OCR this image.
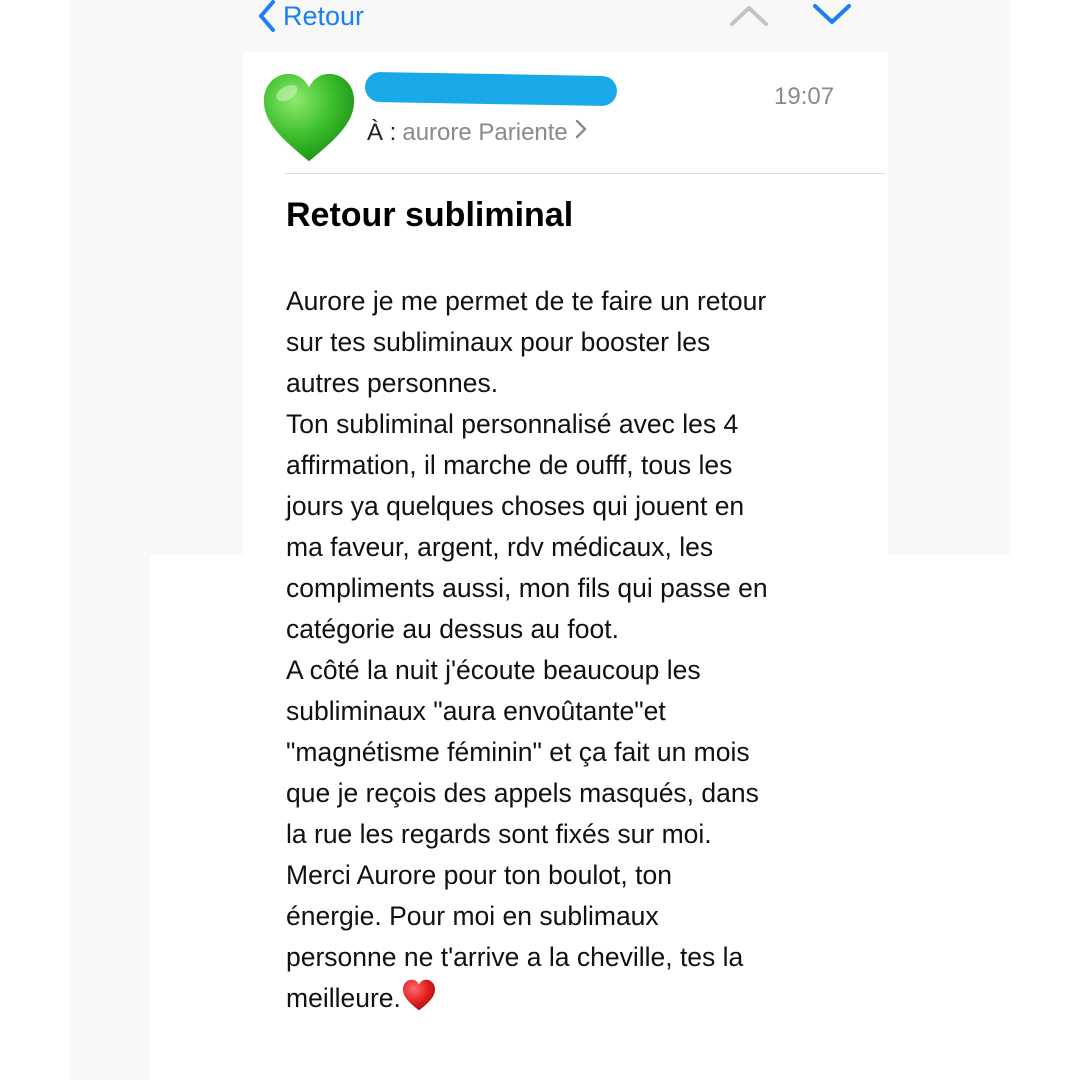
Retour
19:07
À : aurore Pariente
Retour subliminal
Aurore je me permet de te faire un retour
sur tes subliminaux pour booster les
autres personnes.
Ton subliminal personnalisé avec les 4
affirmation, il marche de oufff, tous les
jours ya quelques choses qui jouent en
ma faveur, argent, rdv médicaux, les
compliments aussi, mon fils qui passe en
catégorie au dessus au foot.
A côté la nuit j'écoute beaucoup les
subliminaux "aura envoûtante"et
"magnétisme féminin" et ça fait un mois
que je reçois des appels masqués, dans
la rue les regards sont fixés sur moi.
Merci Aurore pour ton boulot, ton
énergie. Pour moi en sublimaux
personne ne t'arrive a la cheville, tes la
meilleure.
